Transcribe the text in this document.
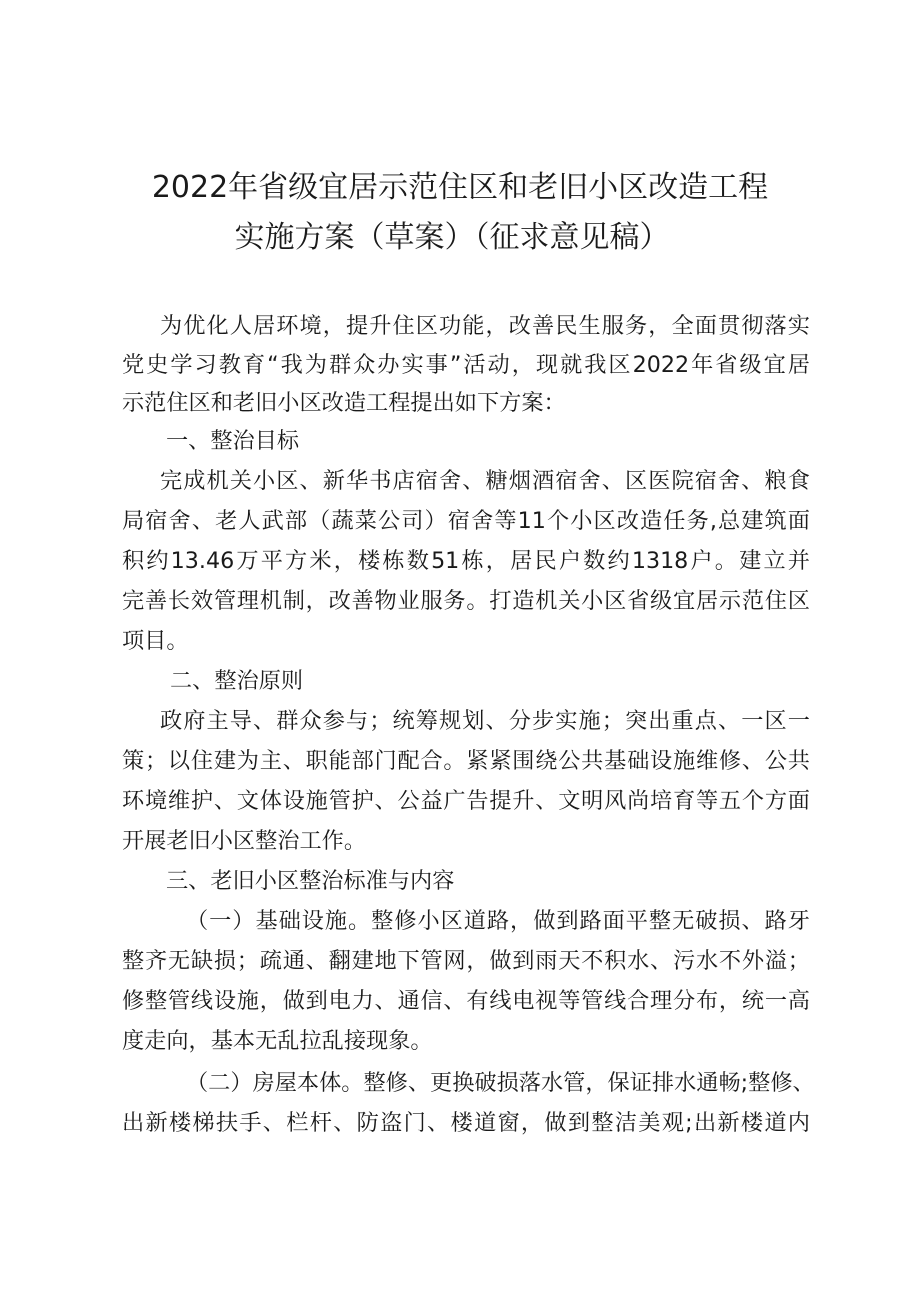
2022年省级宜居示范住区和老旧小区改造工程
实施方案（草案）（征求意见稿）
为优化人居环境，提升住区功能，改善民生服务，全面贯彻落实
党史学习教育“我为群众办实事”活动，现就我区2022年省级宜居
示范住区和老旧小区改造工程提出如下方案：
一、整治目标
完成机关小区、新华书店宿舍、糖烟酒宿舍、区医院宿舍、粮食
局宿舍、老人武部（蔬菜公司）宿舍等11个小区改造任务,总建筑面
积约13.46万平方米，楼栋数51栋，居民户数约1318户。建立并
完善长效管理机制，改善物业服务。打造机关小区省级宜居示范住区
项目。
二、整治原则
政府主导、群众参与；统筹规划、分步实施；突出重点、一区一
策；以住建为主、职能部门配合。紧紧围绕公共基础设施维修、公共
环境维护、文体设施管护、公益广告提升、文明风尚培育等五个方面
开展老旧小区整治工作。
三、老旧小区整治标准与内容
（一）基础设施。整修小区道路，做到路面平整无破损、路牙
整齐无缺损；疏通、翻建地下管网，做到雨天不积水、污水不外溢；
修整管线设施，做到电力、通信、有线电视等管线合理分布，统一高
度走向，基本无乱拉乱接现象。
（二）房屋本体。整修、更换破损落水管，保证排水通畅;整修、
出新楼梯扶手、栏杆、防盗门、楼道窗，做到整洁美观;出新楼道内
